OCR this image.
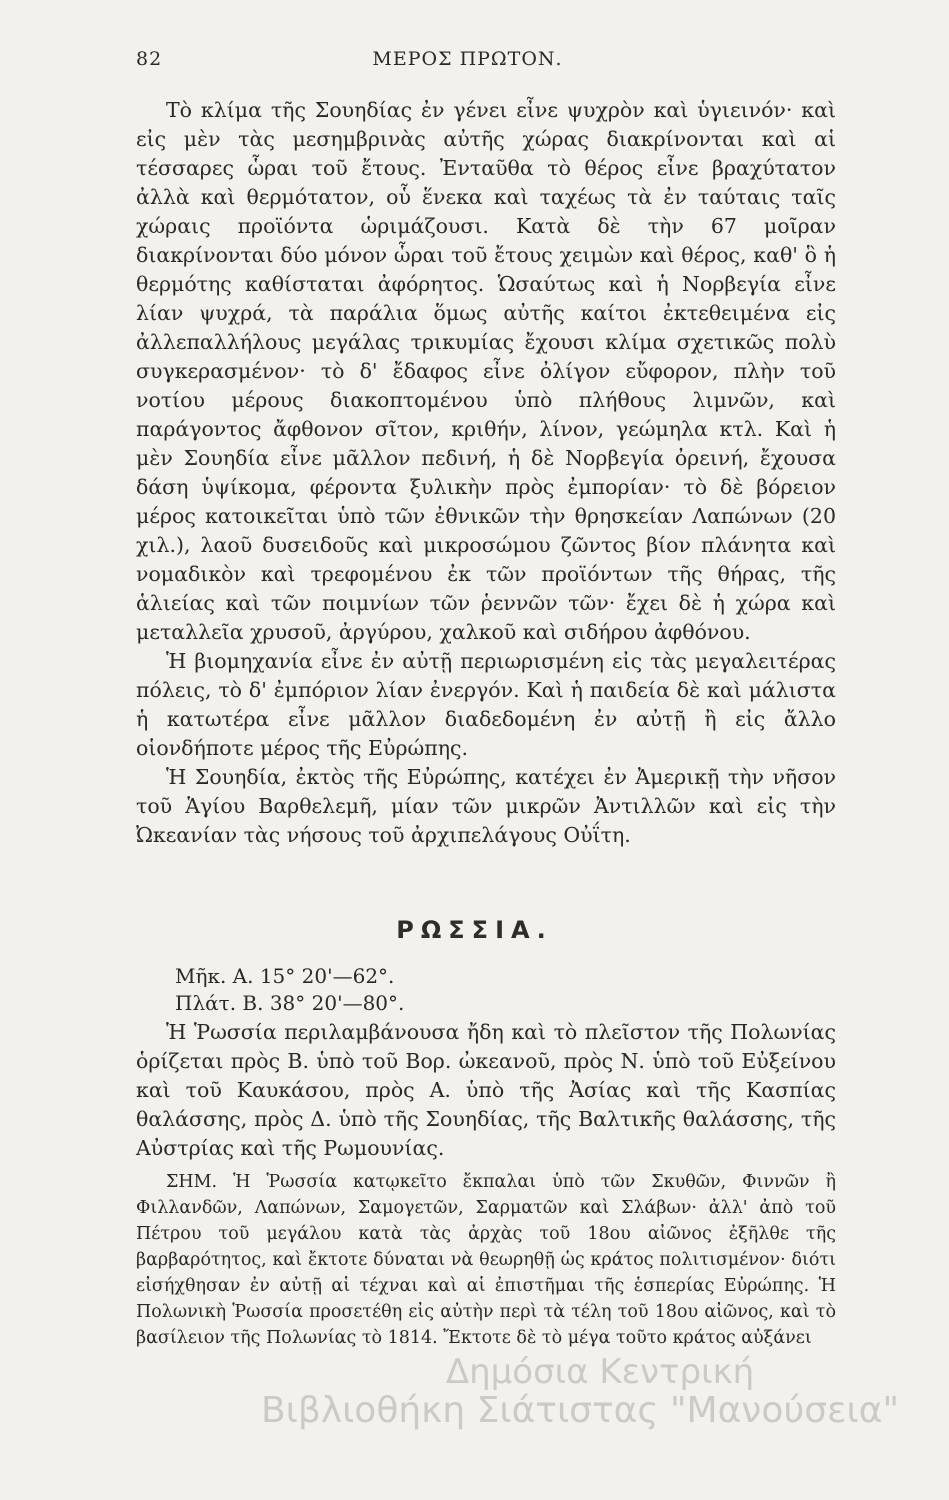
82	ΜΕΡΟΣ ΠΡΩΤΟΝ.

Τὸ κλίμα τῆς Σουηδίας ἐν γένει εἶνε ψυχρὸν καὶ ὑγιεινόν· καὶ εἰς μὲν τὰς μεσημβρινὰς αὐτῆς χώρας διακρίνονται καὶ αἱ τέσσαρες ὧραι τοῦ ἔτους. Ἐνταῦθα τὸ θέρος εἶνε βραχύτατον ἀλλὰ καὶ θερμότατον, οὗ ἕνεκα καὶ ταχέως τὰ ἐν ταύταις ταῖς χώραις προϊόντα ὡριμάζουσι. Κατὰ δὲ τὴν 67 μοῖραν διακρίνονται δύο μόνον ὧραι τοῦ ἔτους χειμὼν καὶ θέρος, καθ' ὃ ἡ θερμότης καθίσταται ἀφόρητος. Ὡσαύτως καὶ ἡ Νορβεγία εἶνε λίαν ψυχρά, τὰ παράλια ὅμως αὐτῆς καίτοι ἐκτεθειμένα εἰς ἀλλεπαλλήλους μεγάλας τρικυμίας ἔχουσι κλίμα σχετικῶς πολὺ συγκερασμένον· τὸ δ' ἔδαφος εἶνε ὀλίγον εὔφορον, πλὴν τοῦ νοτίου μέρους διακοπτομένου ὑπὸ πλήθους λιμνῶν, καὶ παράγοντος ἄφθονον σῖτον, κριθήν, λίνον, γεώμηλα κτλ. Καὶ ἡ μὲν Σουηδία εἶνε μᾶλλον πεδινή, ἡ δὲ Νορβεγία ὀρεινή, ἔχουσα δάση ὑψίκομα, φέροντα ξυλικὴν πρὸς ἐμπορίαν· τὸ δὲ βόρειον μέρος κατοικεῖται ὑπὸ τῶν ἐθνικῶν τὴν θρησκείαν Λαπώνων (20 χιλ.), λαοῦ δυσειδοῦς καὶ μικροσώμου ζῶντος βίον πλάνητα καὶ νομαδικὸν καὶ τρεφομένου ἐκ τῶν προϊόντων τῆς θήρας, τῆς ἁλιείας καὶ τῶν ποιμνίων τῶν ῥεννῶν τῶν· ἔχει δὲ ἡ χώρα καὶ μεταλλεῖα χρυσοῦ, ἀργύρου, χαλκοῦ καὶ σιδήρου ἀφθόνου.

Ἡ βιομηχανία εἶνε ἐν αὐτῇ περιωρισμένη εἰς τὰς μεγαλειτέρας πόλεις, τὸ δ' ἐμπόριον λίαν ἐνεργόν. Καὶ ἡ παιδεία δὲ καὶ μάλιστα ἡ κατωτέρα εἶνε μᾶλλον διαδεδομένη ἐν αὐτῇ ἢ εἰς ἄλλο οἱονδήποτε μέρος τῆς Εὐρώπης.

Ἡ Σουηδία, ἐκτὸς τῆς Εὐρώπης, κατέχει ἐν Ἀμερικῇ τὴν νῆσον τοῦ Ἁγίου Βαρθελεμῆ, μίαν τῶν μικρῶν Ἀντιλλῶν καὶ εἰς τὴν Ὠκεανίαν τὰς νήσους τοῦ ἀρχιπελάγους Οὐΐτη.

ΡΩΣΣΙΑ.
Μῆκ. Α. 15° 20'—62°.
Πλάτ. Β. 38° 20'—80°.

Ἡ Ῥωσσία περιλαμβάνουσα ἤδη καὶ τὸ πλεῖστον τῆς Πολωνίας ὁρίζεται πρὸς Β. ὑπὸ τοῦ Βορ. ὠκεανοῦ, πρὸς Ν. ὑπὸ τοῦ Εὐξείνου καὶ τοῦ Καυκάσου, πρὸς Α. ὑπὸ τῆς Ἀσίας καὶ τῆς Κασπίας θαλάσσης, πρὸς Δ. ὑπὸ τῆς Σουηδίας, τῆς Βαλτικῆς θαλάσσης, τῆς Αὐστρίας καὶ τῆς Ρωμουνίας.

ΣΗΜ. Ἡ Ῥωσσία κατῳκεῖτο ἔκπαλαι ὑπὸ τῶν Σκυθῶν, Φιννῶν ἢ Φιλλανδῶν, Λαπώνων, Σαμογετῶν, Σαρματῶν καὶ Σλάβων· ἀλλ' ἀπὸ τοῦ Πέτρου τοῦ μεγάλου κατὰ τὰς ἀρχὰς τοῦ 18ου αἰῶνος ἐξῆλθε τῆς βαρβαρότητος, καὶ ἔκτοτε δύναται νὰ θεωρηθῇ ὡς κράτος πολιτισμένον· διότι εἰσήχθησαν ἐν αὐτῇ αἱ τέχναι καὶ αἱ ἐπιστῆμαι τῆς ἑσπερίας Εὐρώπης. Ἡ Πολωνικὴ Ῥωσσία προσετέθη εἰς αὐτὴν περὶ τὰ τέλη τοῦ 18ου αἰῶνος, καὶ τὸ βασίλειον τῆς Πολωνίας τὸ 1814. Ἔκτοτε δὲ τὸ μέγα τοῦτο κράτος αὐξάνει

Δημόσια Κεντρική
Βιβλιοθήκη Σιάτιστας "Μανούσεια"
